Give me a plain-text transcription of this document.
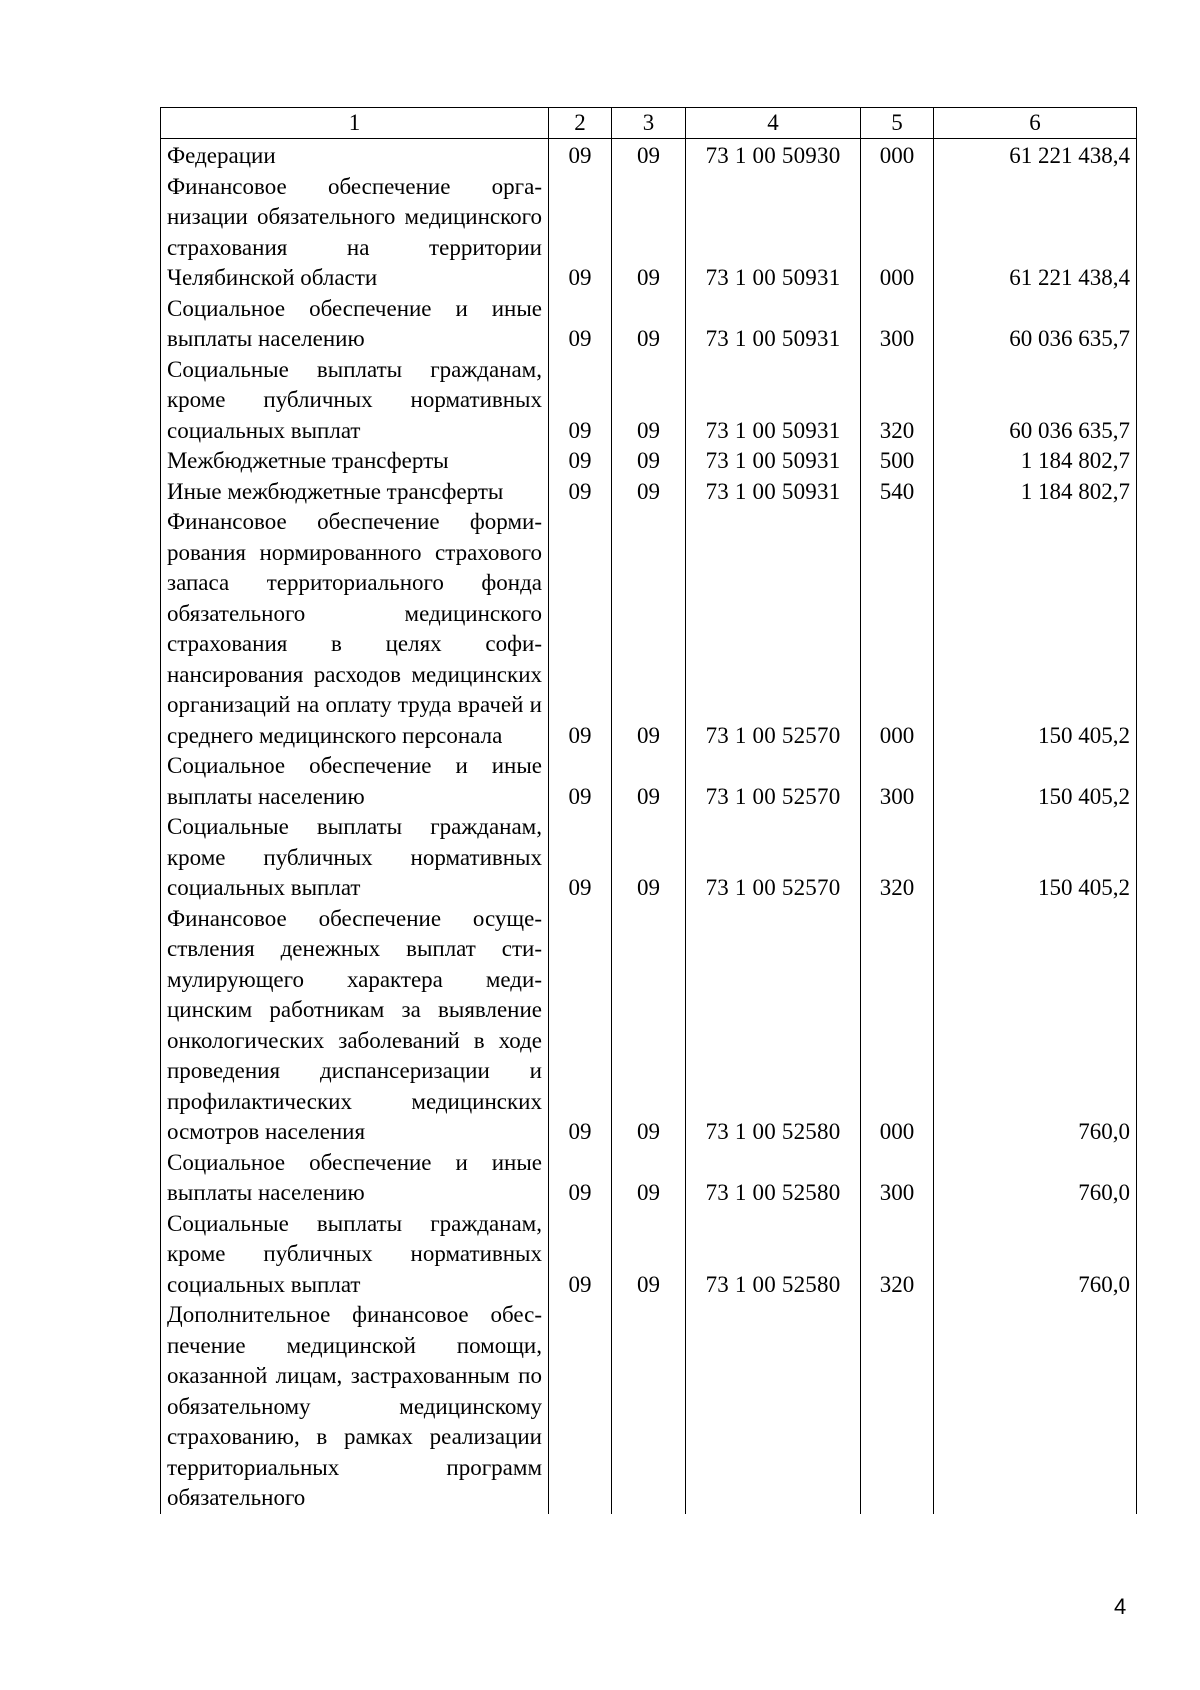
1	2	3	4	5	6
Федерации	09	09	73 1 00 50930	000	61 221 438,4
Финансовое обеспечение организации обязательного медицинского страхования на территории Челябинской области	09	09	73 1 00 50931	000	61 221 438,4
Социальное обеспечение и иные выплаты населению	09	09	73 1 00 50931	300	60 036 635,7
Социальные выплаты гражданам, кроме публичных нормативных социальных выплат	09	09	73 1 00 50931	320	60 036 635,7
Межбюджетные трансферты	09	09	73 1 00 50931	500	1 184 802,7
Иные межбюджетные трансферты	09	09	73 1 00 50931	540	1 184 802,7
Финансовое обеспечение формирования нормированного страхового запаса территориального фонда обязательного медицинского страхования в целях софинансирования расходов медицинских организаций на оплату труда врачей и среднего медицинского персонала	09	09	73 1 00 52570	000	150 405,2
Социальное обеспечение и иные выплаты населению	09	09	73 1 00 52570	300	150 405,2
Социальные выплаты гражданам, кроме публичных нормативных социальных выплат	09	09	73 1 00 52570	320	150 405,2
Финансовое обеспечение осуществления денежных выплат стимулирующего характера медицинским работникам за выявление онкологических заболеваний в ходе проведения диспансеризации и профилактических медицинских осмотров населения	09	09	73 1 00 52580	000	760,0
Социальное обеспечение и иные выплаты населению	09	09	73 1 00 52580	300	760,0
Социальные выплаты гражданам, кроме публичных нормативных социальных выплат	09	09	73 1 00 52580	320	760,0
Дополнительное финансовое обеспечение медицинской помощи, оказанной лицам, застрахованным по обязательному медицинскому страхованию, в рамках реализации территориальных программ обязательного					
4
